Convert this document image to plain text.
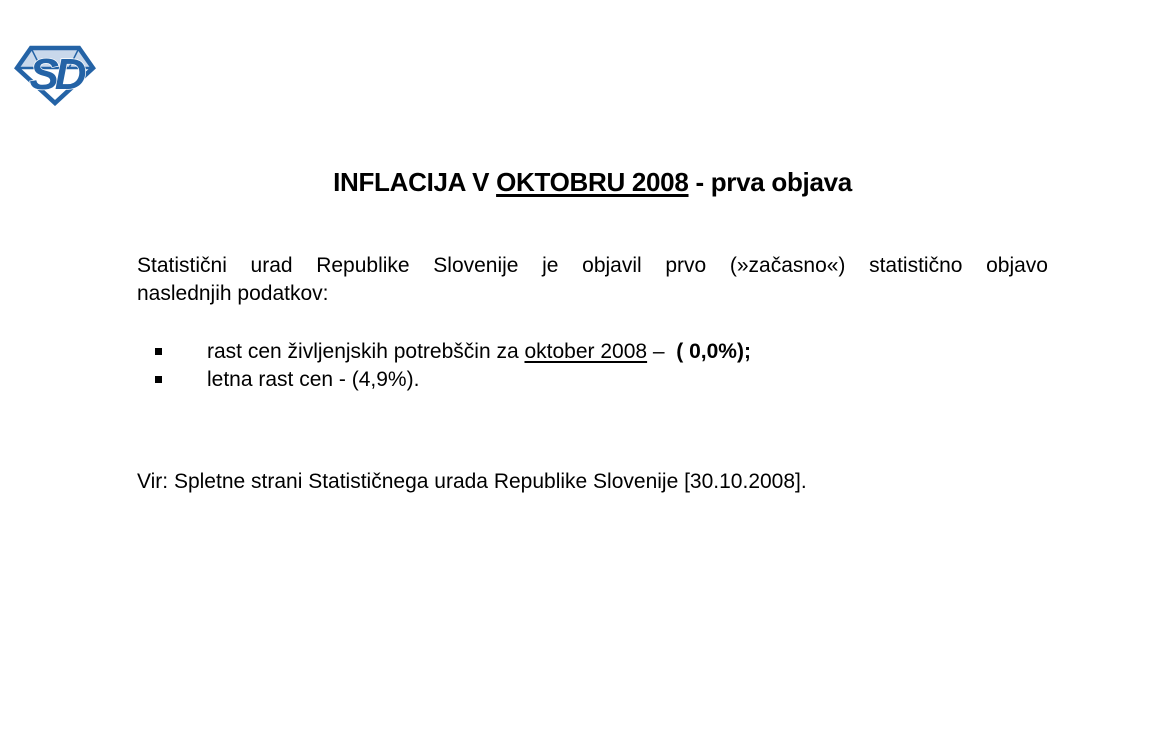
SD
INFLACIJA V OKTOBRU 2008 - prva objava
Statistični urad Republike Slovenije je objavil prvo (»začasno«) statistično objavo
naslednjih podatkov:
rast cen življenjskih potrebščin za oktober 2008 –  ( 0,0%);
letna rast cen - (4,9%).
Vir: Spletne strani Statističnega urada Republike Slovenije [30.10.2008].
